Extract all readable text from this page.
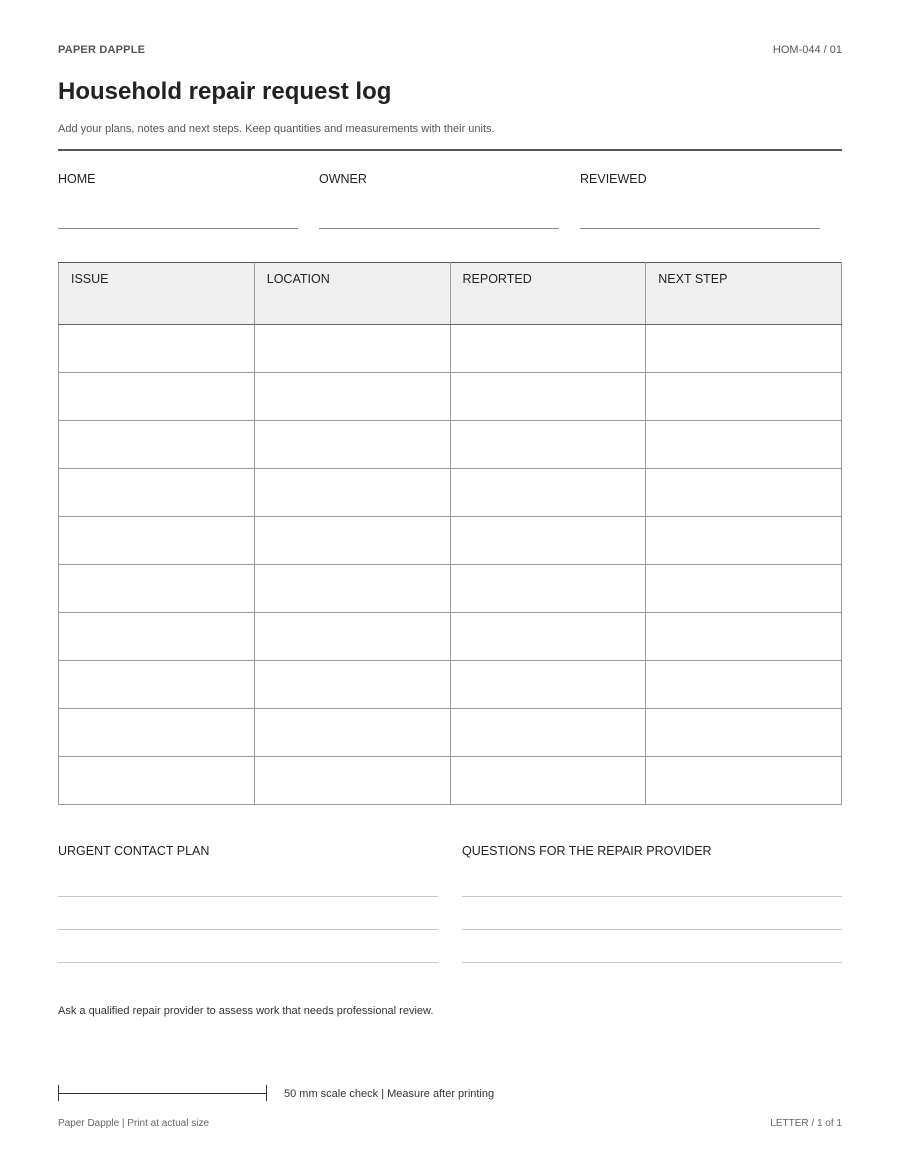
PAPER DAPPLE	HOM-044 / 01
Household repair request log
Add your plans, notes and next steps. Keep quantities and measurements with their units.
HOME	OWNER	REVIEWED
ISSUE	LOCATION	REPORTED	NEXT STEP

URGENT CONTACT PLAN	QUESTIONS FOR THE REPAIR PROVIDER
Ask a qualified repair provider to assess work that needs professional review.
50 mm scale check | Measure after printing
Paper Dapple | Print at actual size	LETTER / 1 of 1
